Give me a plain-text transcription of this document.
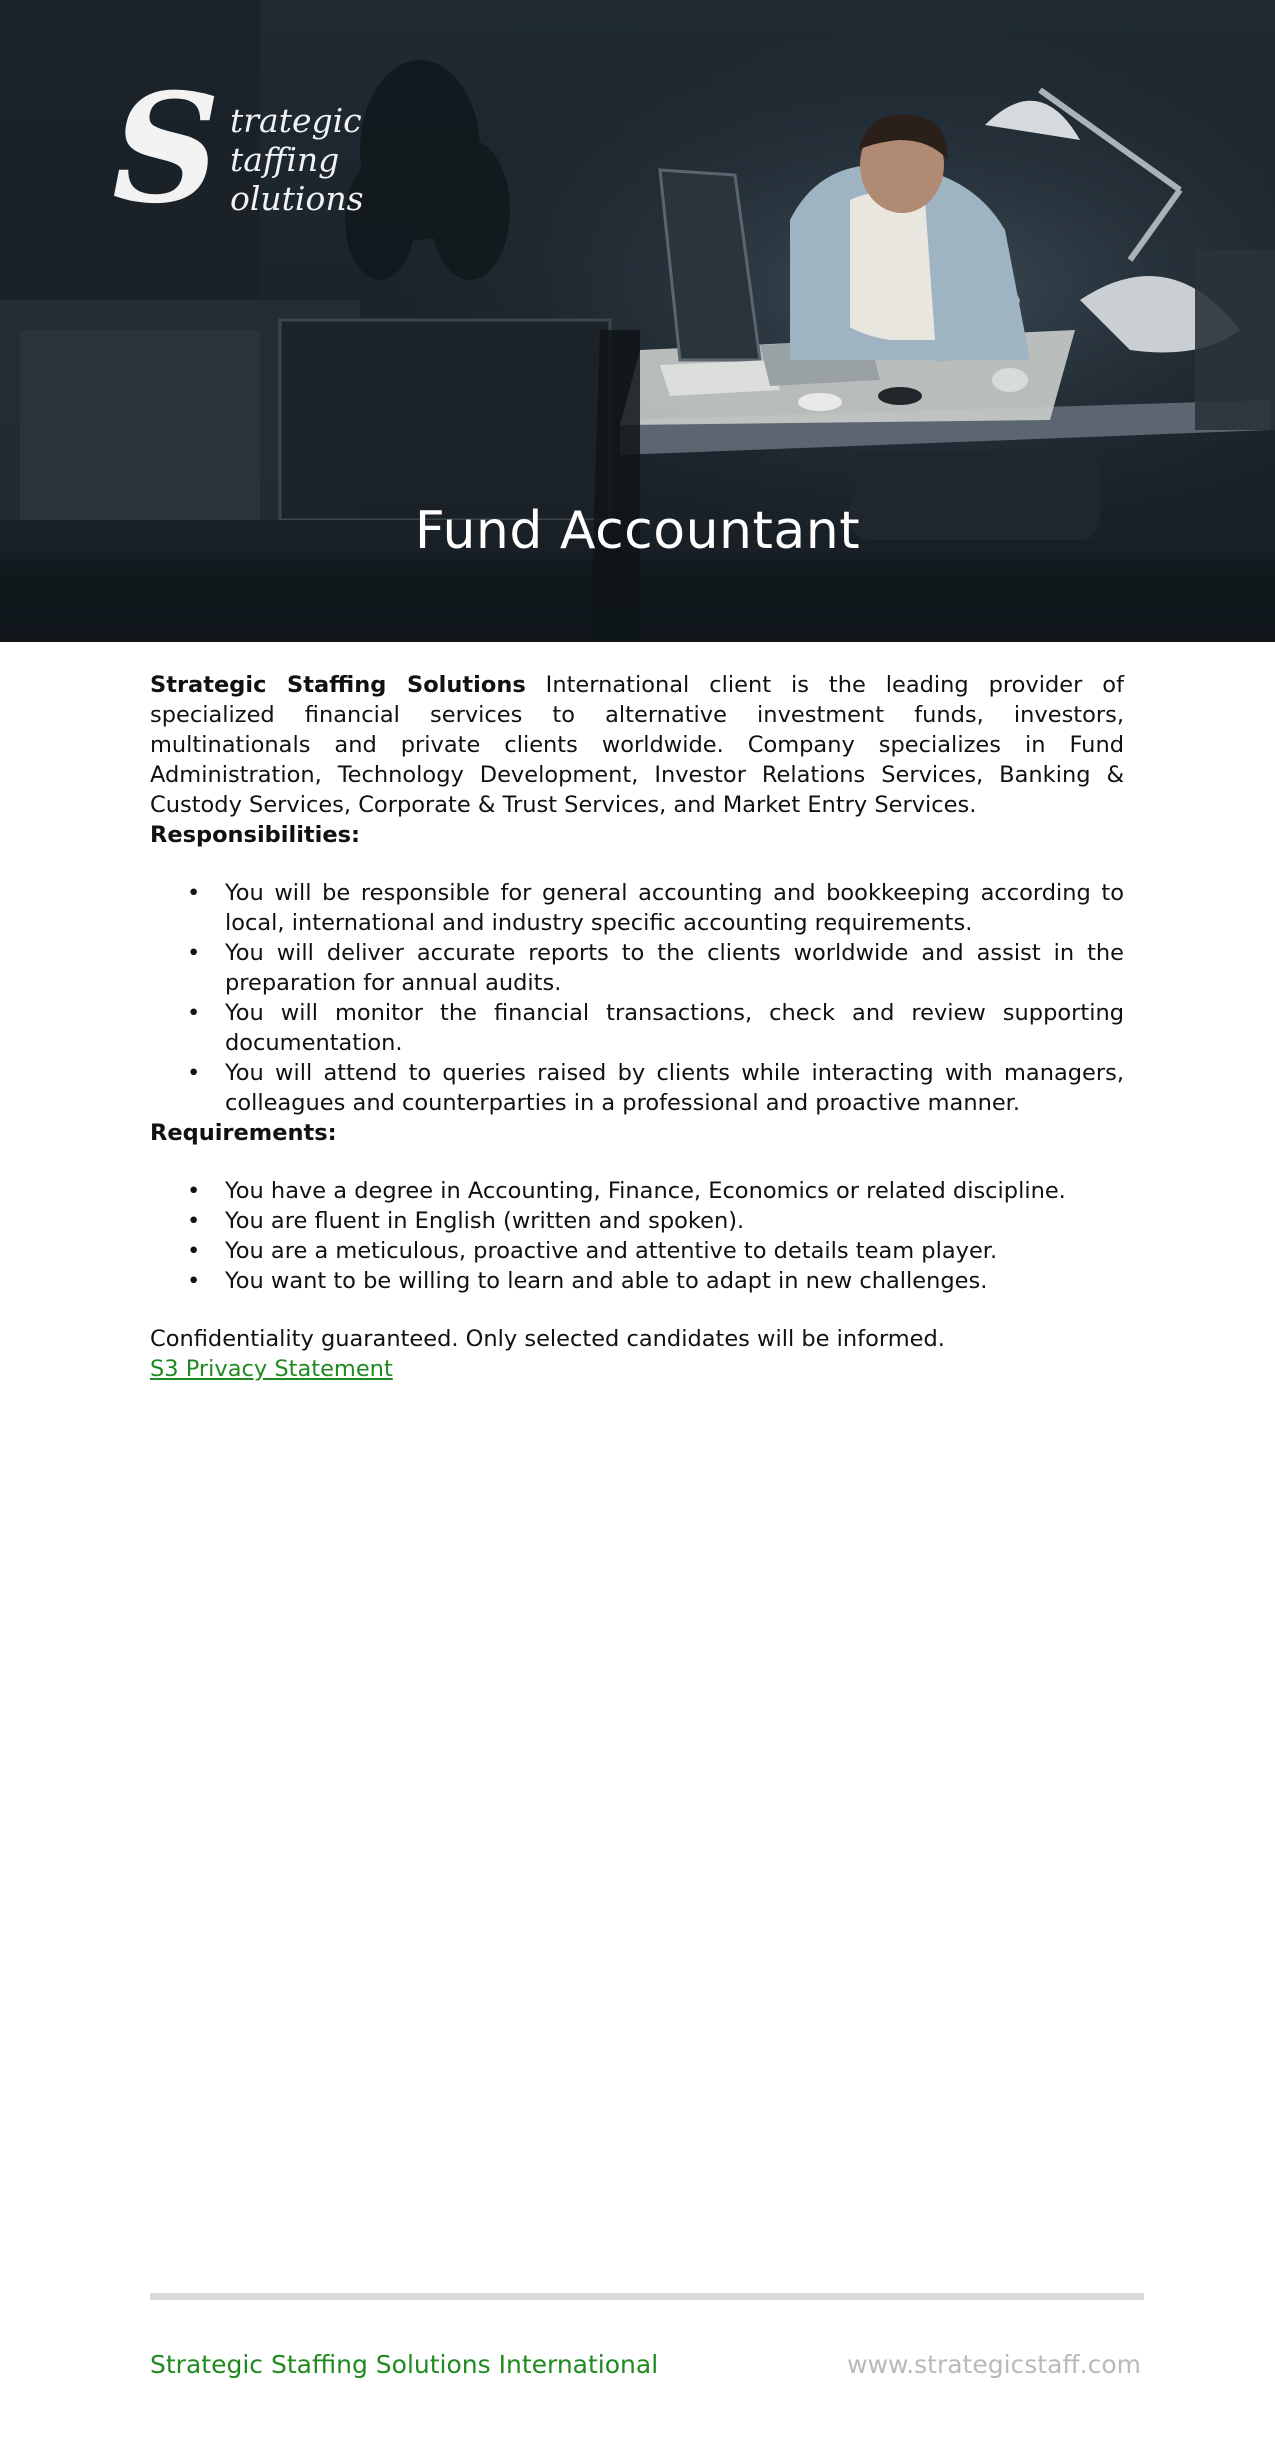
S trategic
taffing
olutions
Fund Accountant

Strategic Staffing Solutions International client is the leading provider of specialized financial services to alternative investment funds, investors, multinationals and private clients worldwide. Company specializes in Fund Administration, Technology Development, Investor Relations Services, Banking & Custody Services, Corporate & Trust Services, and Market Entry Services.

Responsibilities:

• You will be responsible for general accounting and bookkeeping according to local, international and industry specific accounting requirements.
• You will deliver accurate reports to the clients worldwide and assist in the preparation for annual audits.
• You will monitor the financial transactions, check and review supporting documentation.
• You will attend to queries raised by clients while interacting with managers, colleagues and counterparties in a professional and proactive manner.

Requirements:

• You have a degree in Accounting, Finance, Economics or related discipline.
• You are fluent in English (written and spoken).
• You are a meticulous, proactive and attentive to details team player.
• You want to be willing to learn and able to adapt in new challenges.

Confidentiality guaranteed. Only selected candidates will be informed.

S3 Privacy Statement

Strategic Staffing Solutions International	www.strategicstaff.com
